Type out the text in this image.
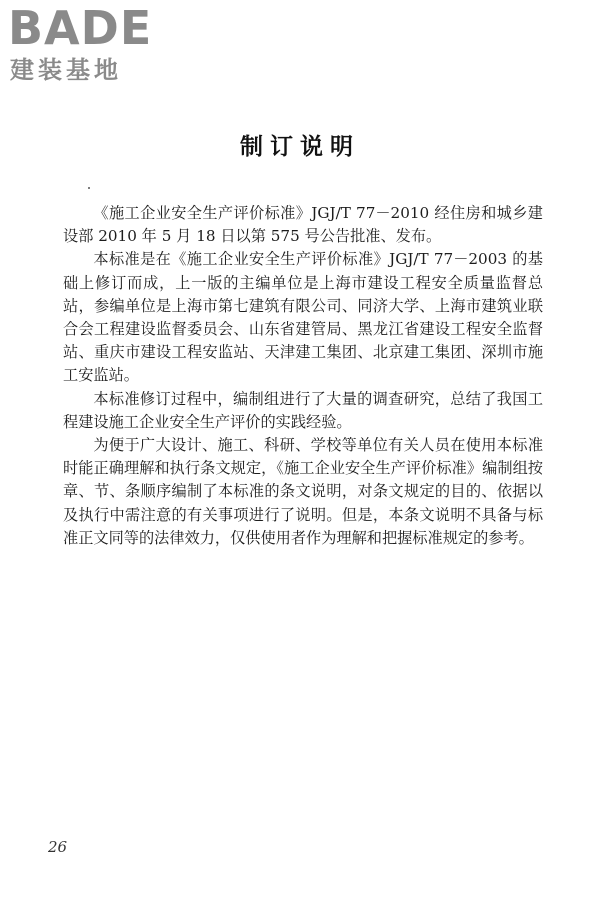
BADE
建装基地
制订说明

《施工企业安全生产评价标准》JGJ/T 77－2010 经住房和城乡建设部 2010 年 5 月 18 日以第 575 号公告批准、发布。

本标准是在《施工企业安全生产评价标准》JGJ/T 77－2003 的基础上修订而成，上一版的主编单位是上海市建设工程安全质量监督总站，参编单位是上海市第七建筑有限公司、同济大学、上海市建筑业联合会工程建设监督委员会、山东省建管局、黑龙江省建设工程安全监督站、重庆市建设工程安监站、天津建工集团、北京建工集团、深圳市施工安监站。

本标准修订过程中，编制组进行了大量的调查研究，总结了我国工程建设施工企业安全生产评价的实践经验。

为便于广大设计、施工、科研、学校等单位有关人员在使用本标准时能正确理解和执行条文规定，《施工企业安全生产评价标准》编制组按章、节、条顺序编制了本标准的条文说明，对条文规定的目的、依据以及执行中需注意的有关事项进行了说明。但是，本条文说明不具备与标准正文同等的法律效力，仅供使用者作为理解和把握标准规定的参考。

26
